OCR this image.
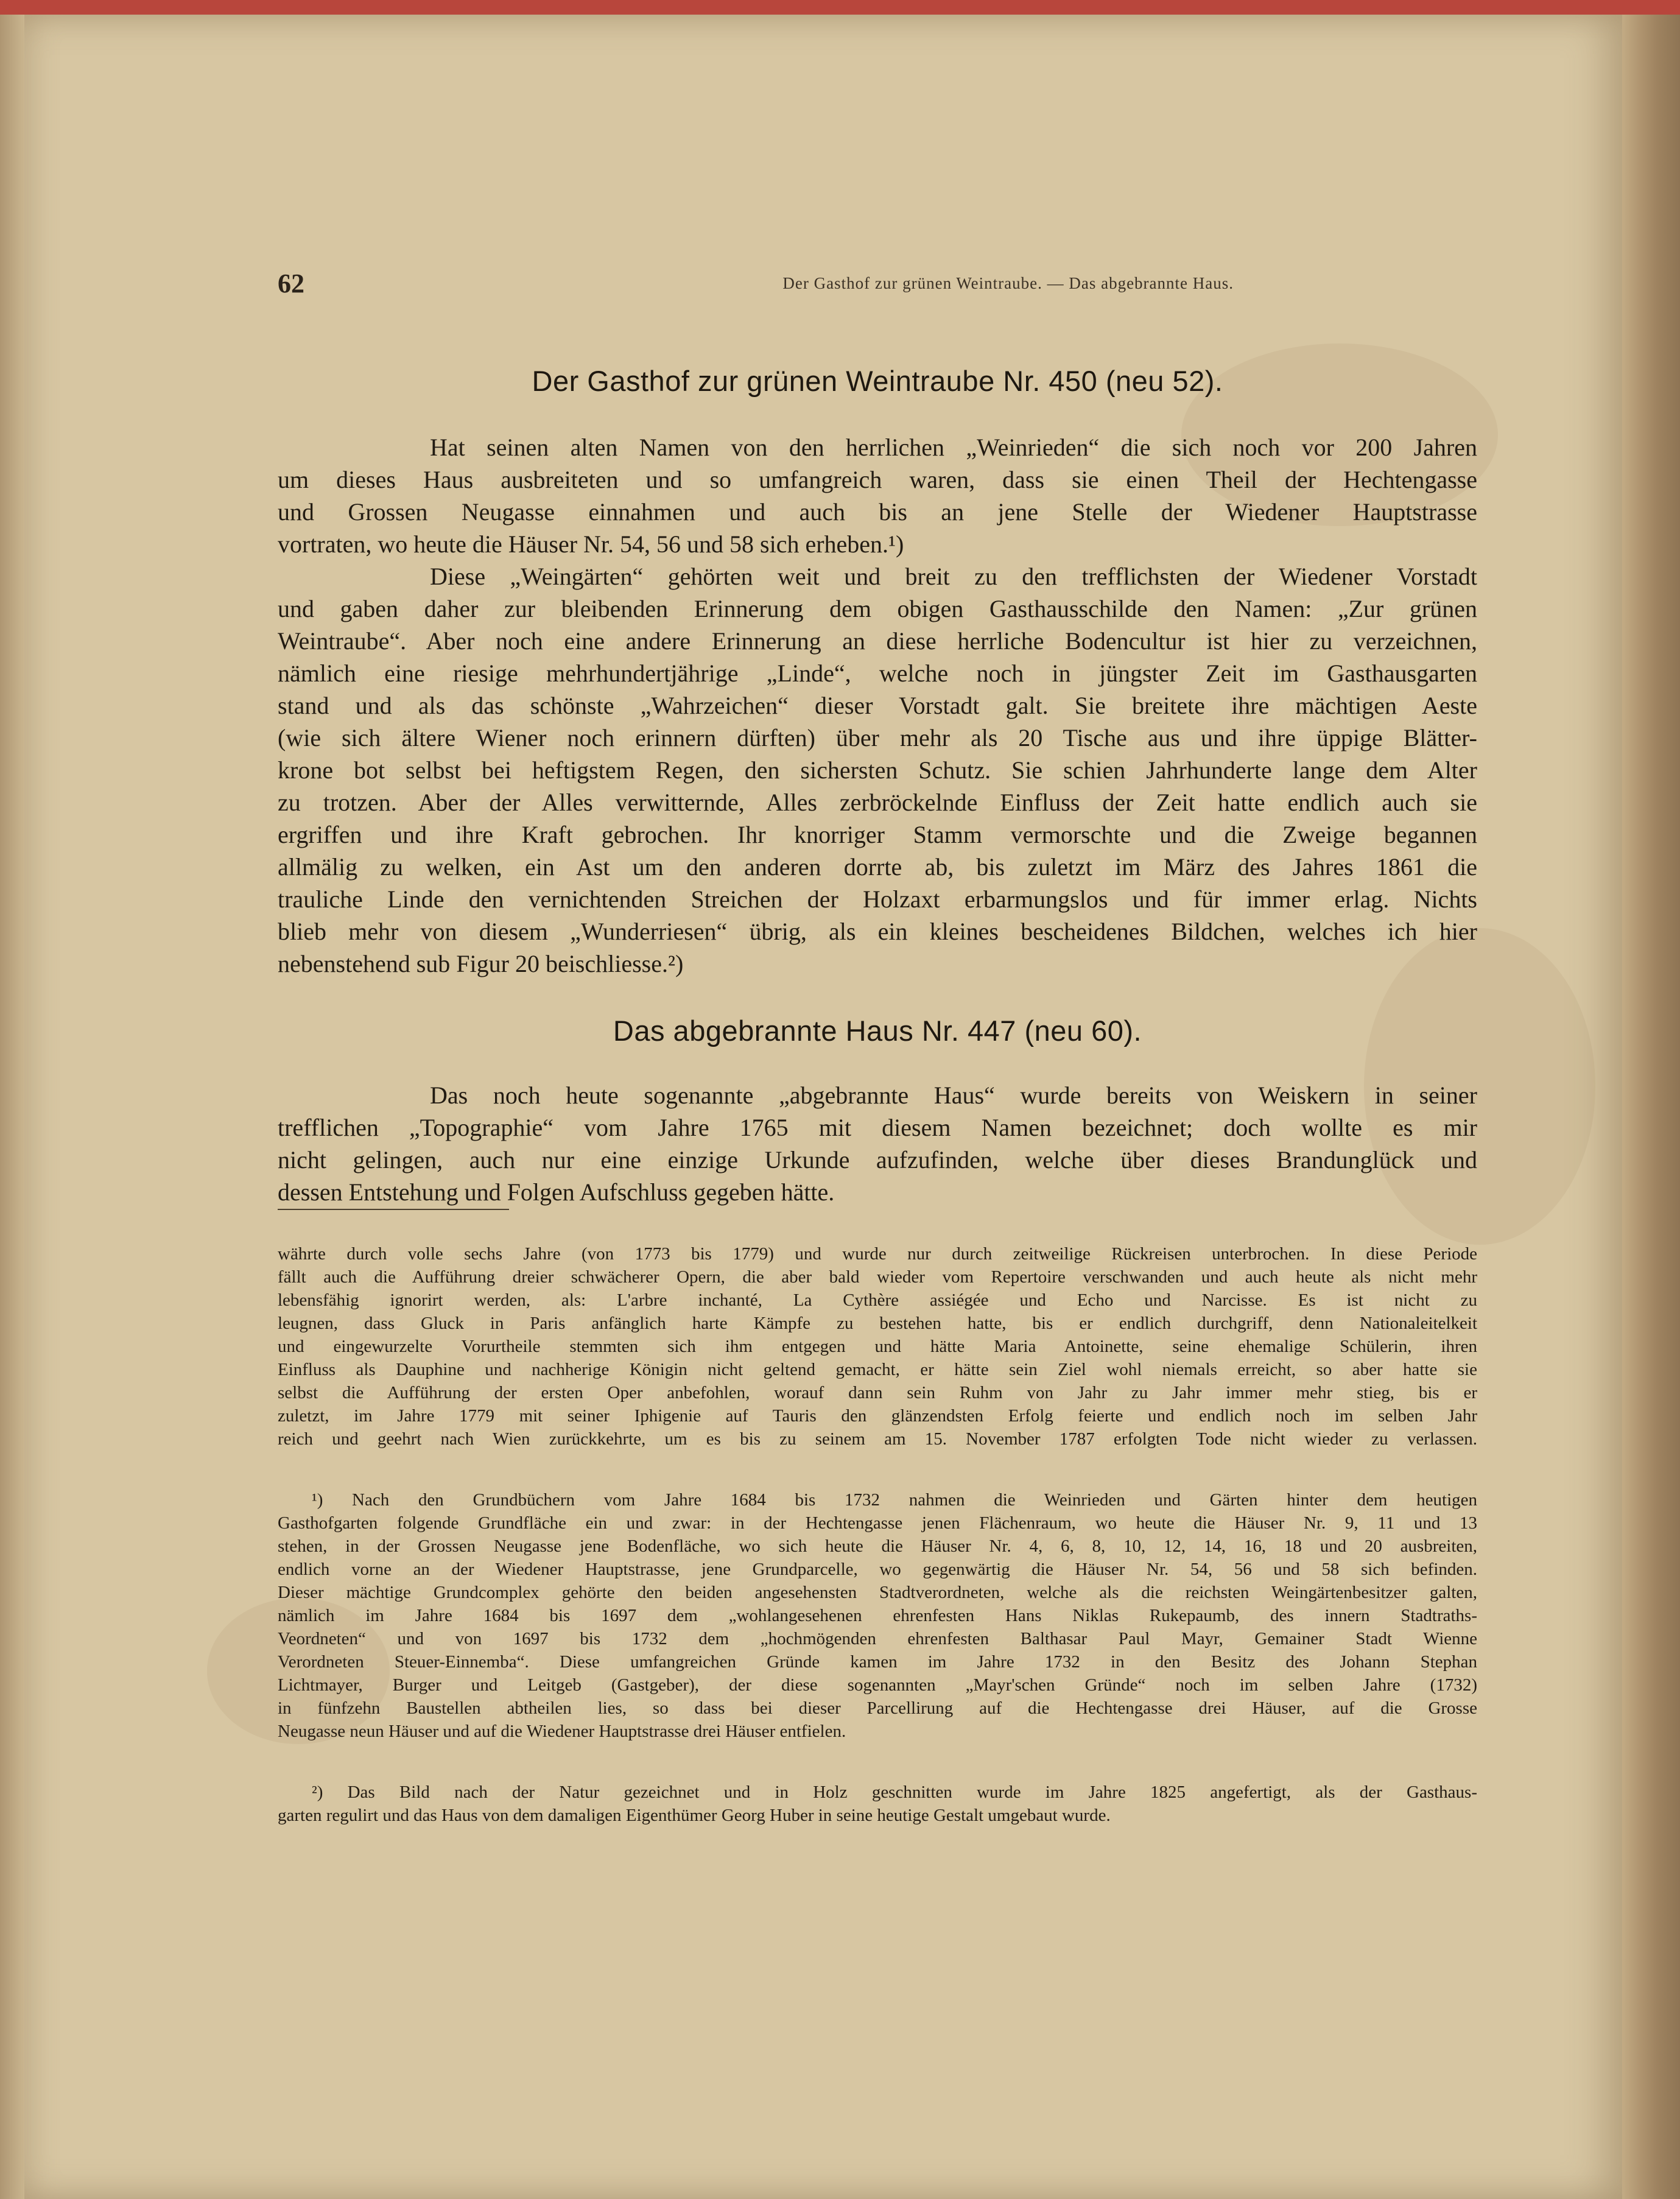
62	Der Gasthof zur grünen Weintraube. — Das abgebrannte Haus.
Der Gasthof zur grünen Weintraube Nr. 450 (neu 52).
Hat seinen alten Namen von den herrlichen „Weinrieden“ die sich noch vor 200 Jahren
um dieses Haus ausbreiteten und so umfangreich waren, dass sie einen Theil der Hechtengasse
und Grossen Neugasse einnahmen und auch bis an jene Stelle der Wiedener Hauptstrasse
vortraten, wo heute die Häuser Nr. 54, 56 und 58 sich erheben.¹)
Diese „Weingärten“ gehörten weit und breit zu den trefflichsten der Wiedener Vorstadt
und gaben daher zur bleibenden Erinnerung dem obigen Gasthausschilde den Namen: „Zur grünen
Weintraube“. Aber noch eine andere Erinnerung an diese herrliche Bodencultur ist hier zu verzeichnen,
nämlich eine riesige mehrhundertjährige „Linde“, welche noch in jüngster Zeit im Gasthausgarten
stand und als das schönste „Wahrzeichen“ dieser Vorstadt galt. Sie breitete ihre mächtigen Aeste
(wie sich ältere Wiener noch erinnern dürften) über mehr als 20 Tische aus und ihre üppige Blätter-
krone bot selbst bei heftigstem Regen, den sichersten Schutz. Sie schien Jahrhunderte lange dem Alter
zu trotzen. Aber der Alles verwitternde, Alles zerbröckelnde Einfluss der Zeit hatte endlich auch sie
ergriffen und ihre Kraft gebrochen. Ihr knorriger Stamm vermorschte und die Zweige begannen
allmälig zu welken, ein Ast um den anderen dorrte ab, bis zuletzt im März des Jahres 1861 die
trauliche Linde den vernichtenden Streichen der Holzaxt erbarmungslos und für immer erlag. Nichts
blieb mehr von diesem „Wunderriesen“ übrig, als ein kleines bescheidenes Bildchen, welches ich hier
nebenstehend sub Figur 20 beischliesse.²)
Das abgebrannte Haus Nr. 447 (neu 60).
Das noch heute sogenannte „abgebrannte Haus“ wurde bereits von Weiskern in seiner
trefflichen „Topographie“ vom Jahre 1765 mit diesem Namen bezeichnet; doch wollte es mir
nicht gelingen, auch nur eine einzige Urkunde aufzufinden, welche über dieses Brandunglück und
dessen Entstehung und Folgen Aufschluss gegeben hätte.
währte durch volle sechs Jahre (von 1773 bis 1779) und wurde nur durch zeitweilige Rückreisen unterbrochen. In diese Periode
fällt auch die Aufführung dreier schwächerer Opern, die aber bald wieder vom Repertoire verschwanden und auch heute als nicht mehr
lebensfähig ignorirt werden, als: L'arbre inchanté, La Cythère assiégée und Echo und Narcisse. Es ist nicht zu
leugnen, dass Gluck in Paris anfänglich harte Kämpfe zu bestehen hatte, bis er endlich durchgriff, denn Nationaleitelkeit
und eingewurzelte Vorurtheile stemmten sich ihm entgegen und hätte Maria Antoinette, seine ehemalige Schülerin, ihren
Einfluss als Dauphine und nachherige Königin nicht geltend gemacht, er hätte sein Ziel wohl niemals erreicht, so aber hatte sie
selbst die Aufführung der ersten Oper anbefohlen, worauf dann sein Ruhm von Jahr zu Jahr immer mehr stieg, bis er
zuletzt, im Jahre 1779 mit seiner Iphigenie auf Tauris den glänzendsten Erfolg feierte und endlich noch im selben Jahr
reich und geehrt nach Wien zurückkehrte, um es bis zu seinem am 15. November 1787 erfolgten Tode nicht wieder zu verlassen.
¹) Nach den Grundbüchern vom Jahre 1684 bis 1732 nahmen die Weinrieden und Gärten hinter dem heutigen
Gasthofgarten folgende Grundfläche ein und zwar: in der Hechtengasse jenen Flächenraum, wo heute die Häuser Nr. 9, 11 und 13
stehen, in der Grossen Neugasse jene Bodenfläche, wo sich heute die Häuser Nr. 4, 6, 8, 10, 12, 14, 16, 18 und 20 ausbreiten,
endlich vorne an der Wiedener Hauptstrasse, jene Grundparcelle, wo gegenwärtig die Häuser Nr. 54, 56 und 58 sich befinden.
Dieser mächtige Grundcomplex gehörte den beiden angesehensten Stadtverordneten, welche als die reichsten Weingärtenbesitzer galten,
nämlich im Jahre 1684 bis 1697 dem „wohlangesehenen ehrenfesten Hans Niklas Rukepaumb, des innern Stadtraths-
Veordneten“ und von 1697 bis 1732 dem „hochmögenden ehrenfesten Balthasar Paul Mayr, Gemainer Stadt Wienne
Verordneten Steuer-Einnemba“. Diese umfangreichen Gründe kamen im Jahre 1732 in den Besitz des Johann Stephan
Lichtmayer, Burger und Leitgeb (Gastgeber), der diese sogenannten „Mayr'schen Gründe“ noch im selben Jahre (1732)
in fünfzehn Baustellen abtheilen lies, so dass bei dieser Parcellirung auf die Hechtengasse drei Häuser, auf die Grosse
Neugasse neun Häuser und auf die Wiedener Hauptstrasse drei Häuser entfielen.
²) Das Bild nach der Natur gezeichnet und in Holz geschnitten wurde im Jahre 1825 angefertigt, als der Gasthaus-
garten regulirt und das Haus von dem damaligen Eigenthümer Georg Huber in seine heutige Gestalt umgebaut wurde.
